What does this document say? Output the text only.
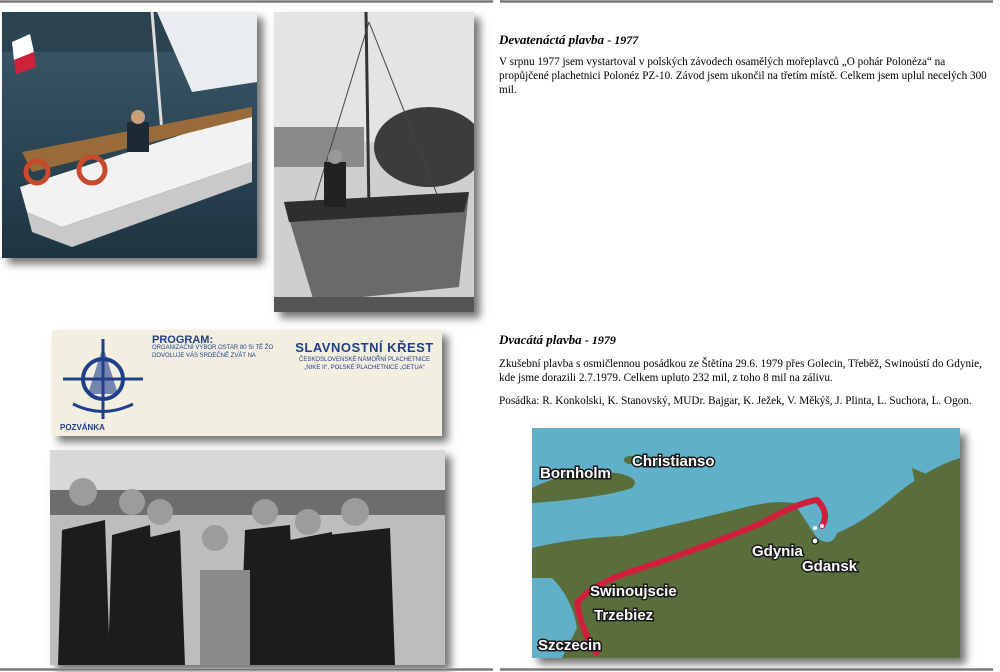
PROGRAM:
ORGANIZAČNÍ VÝBOR OSTAR 80 SI TĚ ŽO DOVOLUJE VÁS SRDEČNĚ ZVÁT NA
SLAVNOSTNÍ KŘEST
ČESKOSLOVENSKÉ NÁMOŘNÍ PLACHETNICE „NIKE II“, POLSKÉ PLACHETNICE „OETUA“
POZVÁNKA
Devatenáctá plavba - 1977

V srpnu 1977 jsem vystartoval v polských závodech osamělých mořeplavců „O pohár Polonéza“ na propůjčené plachetnici Polonéz PZ-10. Závod jsem ukončil na třetím místě. Celkem jsem uplul necelých 300 mil.

Dvacátá plavba - 1979

Zkušební plavba s osmičlennou posádkou ze Štětína 29.6. 1979 přes Golecin, Třeběž, Swinoústí do Gdynie, kde jsme dorazili 2.7.1979. Celkem upluto 232 mil, z toho 8 mil na zálivu.

Posádka: R. Konkolski, K. Stanovský, MUDr. Bajgar, K. Ježek, V. Měkýš, J. Plinta, L. Suchora, L. Ogon.

Bornholm
Christianso
Gdynia
Gdansk
Swinoujscie
Trzebiez
Szczecin
